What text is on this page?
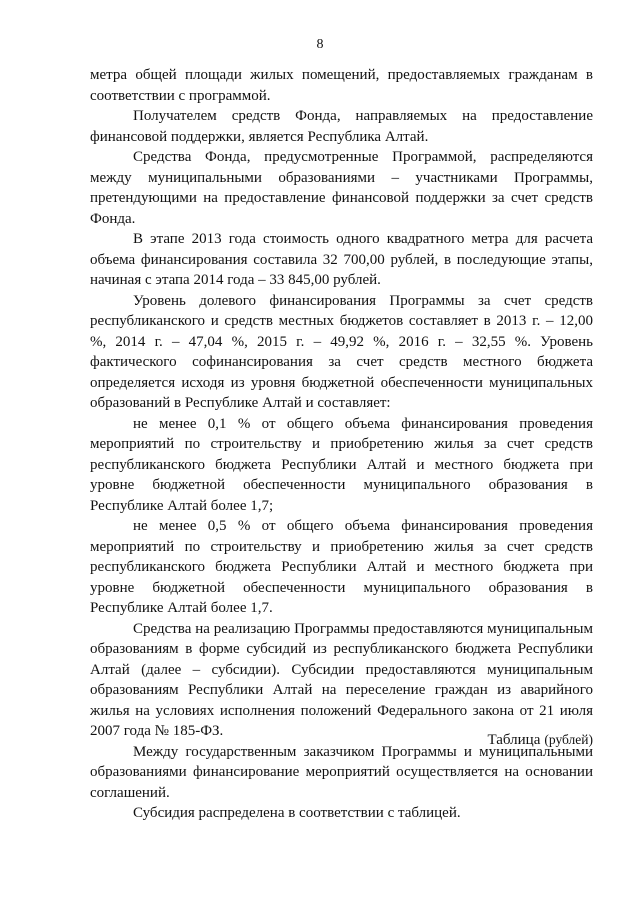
8

метра общей площади жилых помещений, предоставляемых гражданам в соответствии с программой.

Получателем средств Фонда, направляемых на предоставление финансовой поддержки, является Республика Алтай.

Средства Фонда, предусмотренные Программой, распределяются между муниципальными образованиями – участниками Программы, претендующими на предоставление финансовой поддержки за счет средств Фонда.

В этапе 2013 года стоимость одного квадратного метра для расчета объема финансирования составила 32 700,00 рублей, в последующие этапы, начиная с этапа 2014 года – 33 845,00 рублей.

Уровень долевого финансирования Программы за счет средств республиканского и средств местных бюджетов составляет в 2013 г. – 12,00 %, 2014 г. – 47,04 %, 2015 г. – 49,92 %, 2016 г. – 32,55 %. Уровень фактического софинансирования за счет средств местного бюджета определяется исходя из уровня бюджетной обеспеченности муниципальных образований в Республике Алтай и составляет:

не менее 0,1 % от общего объема финансирования проведения мероприятий по строительству и приобретению жилья за счет средств республиканского бюджета Республики Алтай и местного бюджета при уровне бюджетной обеспеченности муниципального образования в Республике Алтай более 1,7;

не менее 0,5 % от общего объема финансирования проведения мероприятий по строительству и приобретению жилья за счет средств республиканского бюджета Республики Алтай и местного бюджета при уровне бюджетной обеспеченности муниципального образования в Республике Алтай более 1,7.

Средства на реализацию Программы предоставляются муниципальным образованиям в форме субсидий из республиканского бюджета Республики Алтай (далее – субсидии). Субсидии предоставляются муниципальным образованиям Республики Алтай на переселение граждан из аварийного жилья на условиях исполнения положений Федерального закона от 21 июля 2007 года № 185-ФЗ.

Между государственным заказчиком Программы и муниципальными образованиями финансирование мероприятий осуществляется на основании соглашений.

Субсидия распределена в соответствии с таблицей.

Таблица (рублей)
